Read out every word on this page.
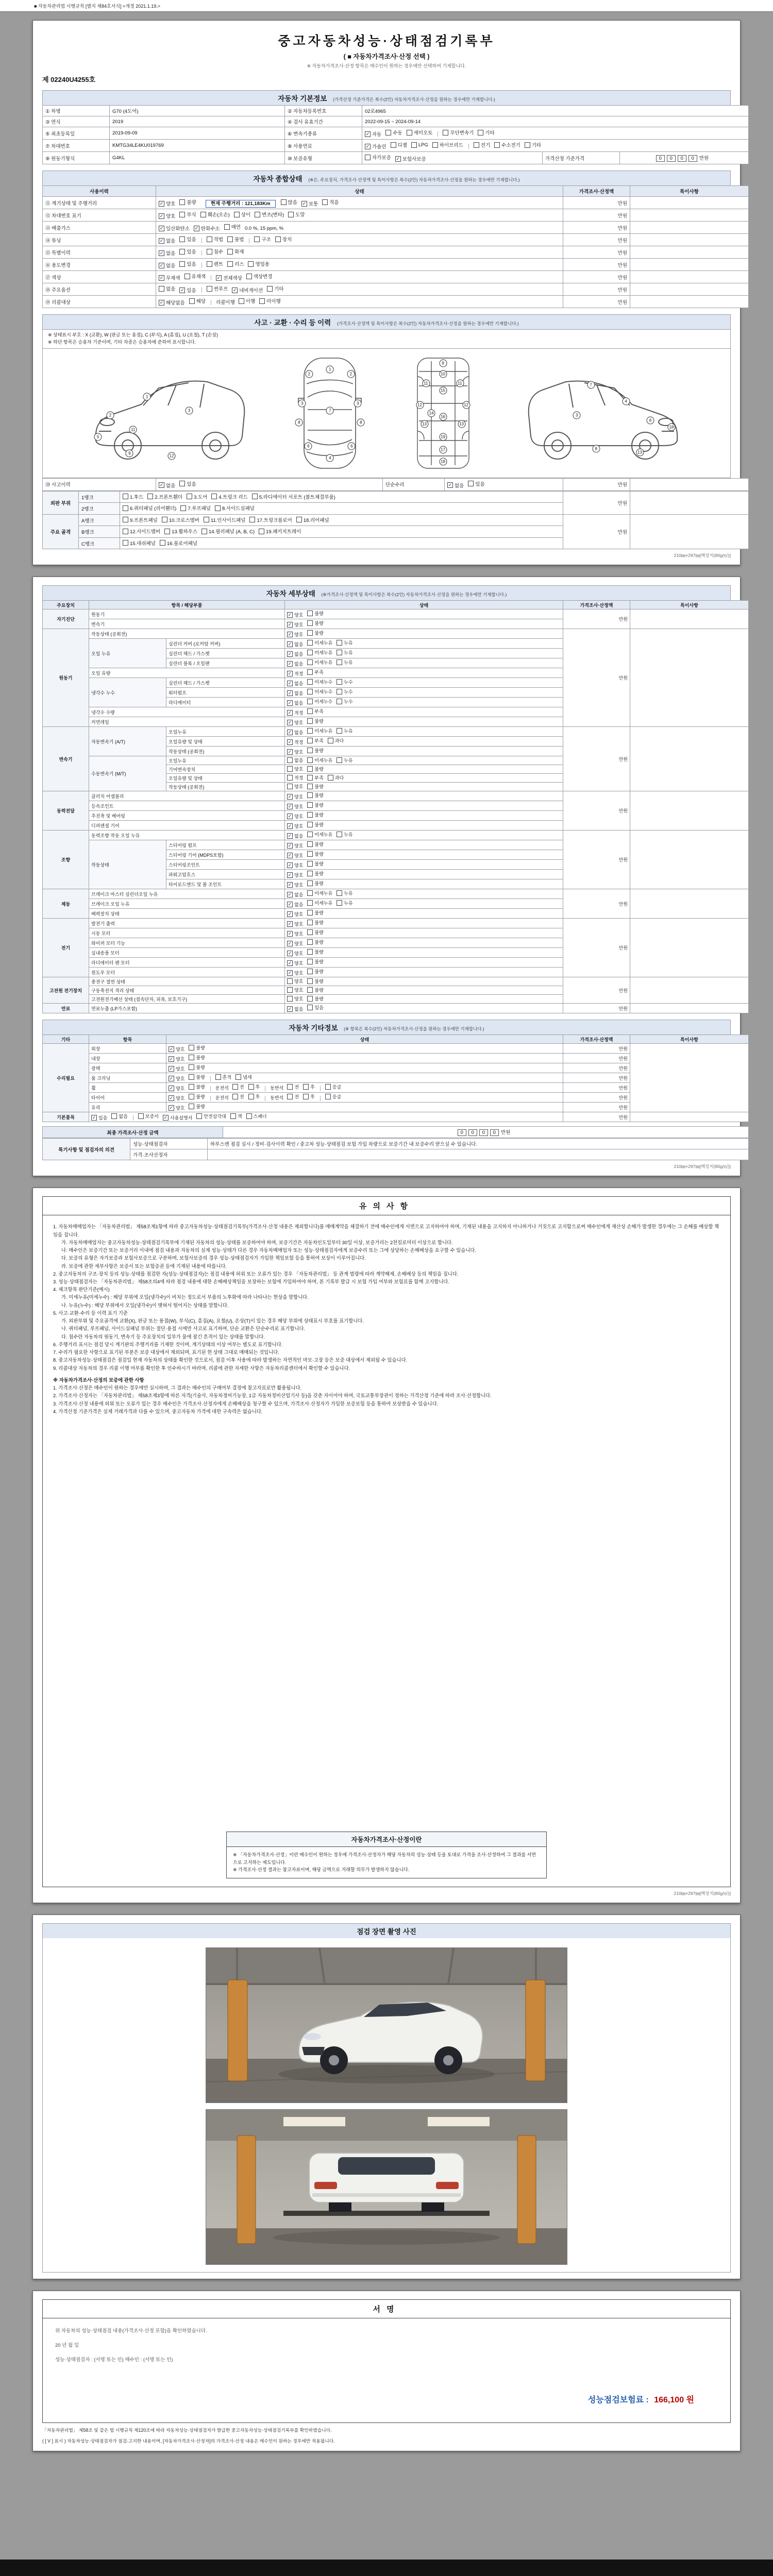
■ 자동차관리법 시행규칙 [별지 제84호서식] <개정 2021.1.19.>
중고자동차성능·상태점검기록부
( ■ 자동차가격조사·산정 선택 )
※ 자동차가격조사·산정 항목은 매수인이 원하는 경우에만 선택하여 기재합니다.
제 02240U4255호
자동차 기본정보 (가격산정 기준가격은 복수(2인) 자동차가격조사·산정을 원하는 경우에만 기재합니다.)
① 차명	G70 (4도어)	② 자동차등록번호	02로4965		
③ 연식	2019	④ 검사 유효기간	2022-09-15 ~ 2024-09-14		
⑤ 최초등록일	2019-09-09	⑥ 변속기종류	✓ 자동 수동 세미오토	무단변속기 기타

⑦ 차대번호	KMTG34LE4KU019769	⑧ 사용연료	✓ 가솔린 디젤 LPG 하이브리드	전기 수소전기 기타

⑨ 원동기형식	G4KL	⑩ 보증유형	자가보증 ✓ 보험사보증	가격산정 기준가격	0 0 0 0 만원
자동차 종합상태 (※은, 주요장치, 가격조사·산정액 및 특이사항은 복수(2인) 자동차가격조사·산정을 원하는 경우에만 기재합니다.)
사용이력	상태	가격조사·산정액	특이사항
⑪ 계기상태 및 주행거리	✓ 양호 불량	현재 주행거리 : 121,183Km	많음 ✓ 보통 적음	만원	
⑫ 차대번호 표기	✓ 양호 부식 훼손(오손) 상이 변조(변타) 도말	만원	
⑬ 배출가스	✓ 일산화탄소 ✓ 탄화수소 매연 0.0 %, 15 ppm, %	만원	
⑭ 튜닝	✓ 없음 있음	적법 불법	구조 장치	만원	
⑮ 특별이력	✓ 없음 있음 침수 화재	만원	
⑯ 용도변경	✓ 없음 있음	렌트 리스 영업용	만원	
⑰ 색상	✓ 무채색 유채색 ✓ 전체색상 색상변경	만원	
⑱ 주요옵션	없음 ✓ 있음	썬루프 ✓ 네비게이션 기타	만원	
⑲ 리콜대상	✓ 해당없음 해당 리콜이행 이행 미이행	만원	
사고 · 교환 · 수리 등 이력 (가격조사·산정액 및 특이사항은 복수(2인) 자동차가격조사·산정을 원하는 경우에만 기재합니다.)
※ 상태표시 부호 : X (교환), W (판금 또는 용접), C (부식), A (흠집), U (요철), T (손상)
※ 하단 항목은 승용차 기준이며, 기타 차종은 승용차에 준하여 표시합니다.
1
2
5
11
3
9
12
1
2	2
3	3
7
8	8
6	6
4
9
10
11	11
15
12	12
14
13	13
16
19
17
18
7
4
6
3
8
13
18
⑳ 사고이력	✓ 없음 있음	단순수리	✓ 없음 있음	만원	
외판 부위	1랭크	1.후드 2.프론트휀더 3.도어 4.트렁크 리드 5.라디에이터 서포트 (볼트체결부품)	만원	
	2랭크	6.쿼터패널 (리어휀더) 7.루프패널 8.사이드실패널		

주요 골격	A랭크	9.프론트패널 10.크로스멤버 11.인사이드패널 17.트렁크플로어 18.리어패널	만원	
	B랭크	12.사이드멤버 13.휠하우스 14.필러패널 (A, B, C) 19.패키지트레이		

	C랭크	15.대쉬패널 16.플로어패널		
210㎜×297㎜[백상지(80g/㎡)]
자동차 세부상태 (※가격조사·산정액 및 특이사항은 복수(2인) 자동차가격조사·산정을 원하는 경우에만 기재합니다.)
주요장치	항목 / 해당부품		상태	가격조사·산정액	특이사항
자기진단	원동기		✓ 양호 불량	만원	
	변속기		✓ 양호 불량		

원동기	작동상태 (공회전)		✓ 양호 불량	만원	
	오일 누유	실린더 커버 (로커암 커버)	✓ 없음 미세누유 누유		

		실린더 헤드 / 가스켓	✓ 없음 미세누유 누유		

		실린더 블록 / 오일팬	✓ 없음 미세누유 누유		

	오일 유량		✓ 적정 부족		

	냉각수 누수	실린더 헤드 / 가스켓	✓ 없음 미세누수 누수		

		워터펌프	✓ 없음 미세누수 누수		

		라디에이터	✓ 없음 미세누수 누수		

	냉각수 수량		✓ 적정 부족		

	커먼레일		✓ 양호 불량		

변속기	자동변속기 (A/T)	오일누유	✓ 없음 미세누유 누유	만원	
		오일유량 및 상태	✓ 적정 부족 과다		

		작동상태 (공회전)	✓ 양호 불량		

	수동변속기 (M/T)	오일누유	없음 미세누유 누유		

		기어변속장치	양호 불량		

		오일유량 및 상태	적정 부족 과다		

		작동상태 (공회전)	양호 불량		

동력전달	클러치 어셈블리		✓ 양호 불량	만원	
	등속조인트		✓ 양호 불량		

	추진축 및 베어링		✓ 양호 불량		

	디퍼렌셜 기어		✓ 양호 불량		

조향	동력조향 작동 오일 누유		✓ 없음 미세누유 누유	만원	
	작동상태	스티어링 펌프	✓ 양호 불량		

		스티어링 기어 (MDPS포함)	✓ 양호 불량		

		스티어링조인트	✓ 양호 불량		

		파워고압호스	✓ 양호 불량		

		타이로드엔드 및 볼 조인트	✓ 양호 불량		

제동	브레이크 마스터 실린더오일 누유		✓ 없음 미세누유 누유	만원	
	브레이크 오일 누유		✓ 없음 미세누유 누유		

	배력장치 상태		✓ 양호 불량		

전기	발전기 출력		✓ 양호 불량	만원	
	시동 모터		✓ 양호 불량		

	와이퍼 모터 기능		✓ 양호 불량		

	실내송풍 모터		✓ 양호 불량		

	라디에이터 팬 모터		✓ 양호 불량		

	윈도우 모터		✓ 양호 불량		

고전원 전기장치	충전구 절연 상태		양호 불량	만원	
	구동축전지 격리 상태		양호 불량		

	고전원전기배선 상태 (접속단자, 피복, 보호기구)		양호 불량		

연료	연료누출 (LP가스포함)		✓ 없음 있음	만원	
자동차 기타정보 (※ 항목은 복수(2인) 자동차가격조사·산정을 원하는 경우에만 기재합니다.)
기타	항목	상태	가격조사·산정액	특이사항
수리필요	외장	✓ 양호 불량	만원	
	내장	✓ 양호 불량	만원	
	광택	✓ 양호 불량	만원	
	룸 크리닝	✓ 양호 불량 흔적 냄새	만원	
휠	✓ 양호 불량 운전석 전 후 동반석 전 후	응급	만원
타이어	✓ 양호 불량 운전석 전 후 동반석 전 후	응급	만원
	유리	✓ 양호 불량	만원	
기본품목	✓ 있음 없음	보증서 ✓ 사용설명서 안전삼각대 잭 스패너	만원	
최종 가격조사·산정 금액	0 0 0 0 만원
특기사항 및 점검자의 의견	성능·상태점검자	하부스캔 점검 실시 / 정비·검사이력 확인 / 중고차 성능·상태점검 보험 가입 차량으로 보증기간 내 보증수리 받으실 수 있습니다.
	가격·조사산정자	
210㎜×297㎜[백상지(80g/㎡)]
유의사항
1. 자동차매매업자는 「자동차관리법」 제58조제1항에 따라 중고자동차성능·상태점검기록부(가격조사·산정 내용은 제외합니다)를 매매계약을 체결하기 전에 매수인에게 서면으로 고지하여야 하며, 기재된 내용을 고지하지 아니하거나 거짓으로 고지함으로써 매수인에게 재산상 손해가 발생한 경우에는 그 손해를 배상할 책임을 집니다.
가. 자동차매매업자는 중고자동차성능·상태점검기록부에 기재된 자동차의 성능·상태를 보증하여야 하며, 보증기간은 자동차인도일부터 30일 이상, 보증거리는 2천킬로미터 이상으로 합니다.
나. 매수인은 보증기간 또는 보증거리 이내에 점검 내용과 자동차의 실제 성능·상태가 다른 경우 자동차매매업자 또는 성능·상태점검자에게 보증수리 또는 그에 상당하는 손해배상을 요구할 수 있습니다.
다. 보증의 유형은 자가보증과 보험사보증으로 구분하며, 보험사보증의 경우 성능·상태점검자가 가입한 책임보험 등을 통하여 보상이 이루어집니다.
라. 보증에 관한 세부사항은 보증서 또는 보험증권 등에 기재된 내용에 따릅니다.
2. 중고자동차의 구조·장치 등의 성능·상태를 점검한 자(성능·상태점검자)는 점검 내용에 허위 또는 오류가 있는 경우 「자동차관리법」 등 관계 법령에 따라 계약해제, 손해배상 등의 책임을 집니다.
3. 성능·상태점검자는 「자동차관리법」 제58조의4에 따라 점검 내용에 대한 손해배상책임을 보장하는 보험에 가입하여야 하며, 본 기록부 발급 시 보험 가입 여부와 보험료를 함께 고지합니다.
4. 체크항목 판단기준(예시)
가. 미세누유(미세누수) : 해당 부위에 오일(냉각수)이 비치는 정도로서 부품의 노후화에 따라 나타나는 현상을 말합니다.
나. 누유(누수) : 해당 부위에서 오일(냉각수)이 맺혀서 떨어지는 상태를 말합니다.
5. 사고·교환·수리 등 이력 표기 기준
가. 외판부위 및 주요골격에 교환(X), 판금 또는 용접(W), 부식(C), 흠집(A), 요철(U), 손상(T)이 있는 경우 해당 부위에 상태표시 부호를 표기합니다.
나. 쿼터패널, 루프패널, 사이드실패널 부위는 절단·용접 시에만 사고로 표기하며, 단순 교환은 단순수리로 표기합니다.
다. 침수란 자동차의 원동기, 변속기 등 주요장치의 일부가 물에 잠긴 흔적이 있는 상태를 말합니다.
6. 주행거리 표시는 점검 당시 계기판의 주행거리를 기재한 것이며, 계기상태의 이상 여부는 별도로 표기합니다.
7. 수리가 필요한 사항으로 표기된 부분은 보증 대상에서 제외되며, 표기된 현 상태 그대로 매매되는 것입니다.
8. 중고자동차성능·상태점검은 점검일 현재 자동차의 상태를 확인한 것으로서, 점검 이후 사용에 따라 발생하는 자연적인 마모·고장 등은 보증 대상에서 제외될 수 있습니다.
9. 리콜대상 자동차의 경우 리콜 이행 여부를 확인한 후 인수하시기 바라며, 리콜에 관한 자세한 사항은 자동차리콜센터에서 확인할 수 있습니다.
※ 자동차가격조사·산정의 보증에 관한 사항
1. 가격조사·산정은 매수인이 원하는 경우에만 실시하며, 그 결과는 매수인의 구매여부 결정에 참고자료로만 활용됩니다.
2. 가격조사·산정자는 「자동차관리법」 제58조제3항에 따른 자격(기술사, 자동차정비기능장, 1급 자동차정비산업기사 등)을 갖춘 자이어야 하며, 국토교통부장관이 정하는 가격산정 기준에 따라 조사·산정합니다.
3. 가격조사·산정 내용에 허위 또는 오류가 있는 경우 매수인은 가격조사·산정자에게 손해배상을 청구할 수 있으며, 가격조사·산정자가 가입한 보증보험 등을 통하여 보상받을 수 있습니다.
4. 가격산정 기준가격은 실제 거래가격과 다를 수 있으며, 중고자동차 가격에 대한 구속력은 없습니다.
자동차가격조사·산정이란
※ 「자동차가격조사·산정」이란 매수인이 원하는 경우에 가격조사·산정자가 해당 자동차의 성능·상태 등을 토대로 가격을 조사·산정하여 그 결과를 서면으로 고지하는 제도입니다.
※ 가격조사·산정 결과는 참고자료이며, 해당 금액으로 거래할 의무가 발생하지 않습니다.
210㎜×297㎜[백상지(80g/㎡)]
점검 장면 촬영 사진
서명
위 자동차의 성능·상태점검 내용(가격조사·산정 포함)을 확인하였습니다.
20 년 월 일
성능·상태점검자 : (서명 또는 인) 매수인 : (서명 또는 인)
성능점검보험료 : 166,100 원
「자동차관리법」 제58조 및 같은 법 시행규칙 제120조에 따라 자동차성능·상태점검자가 발급한 중고자동차성능·상태점검기록부를 확인하였습니다.
( [ V ] 표시 ) 자동차성능·상태점검자가 점검·고지한 내용이며, [자동차가격조사·산정자]의 가격조사·산정 내용은 매수인이 원하는 경우에만 적용됩니다.
